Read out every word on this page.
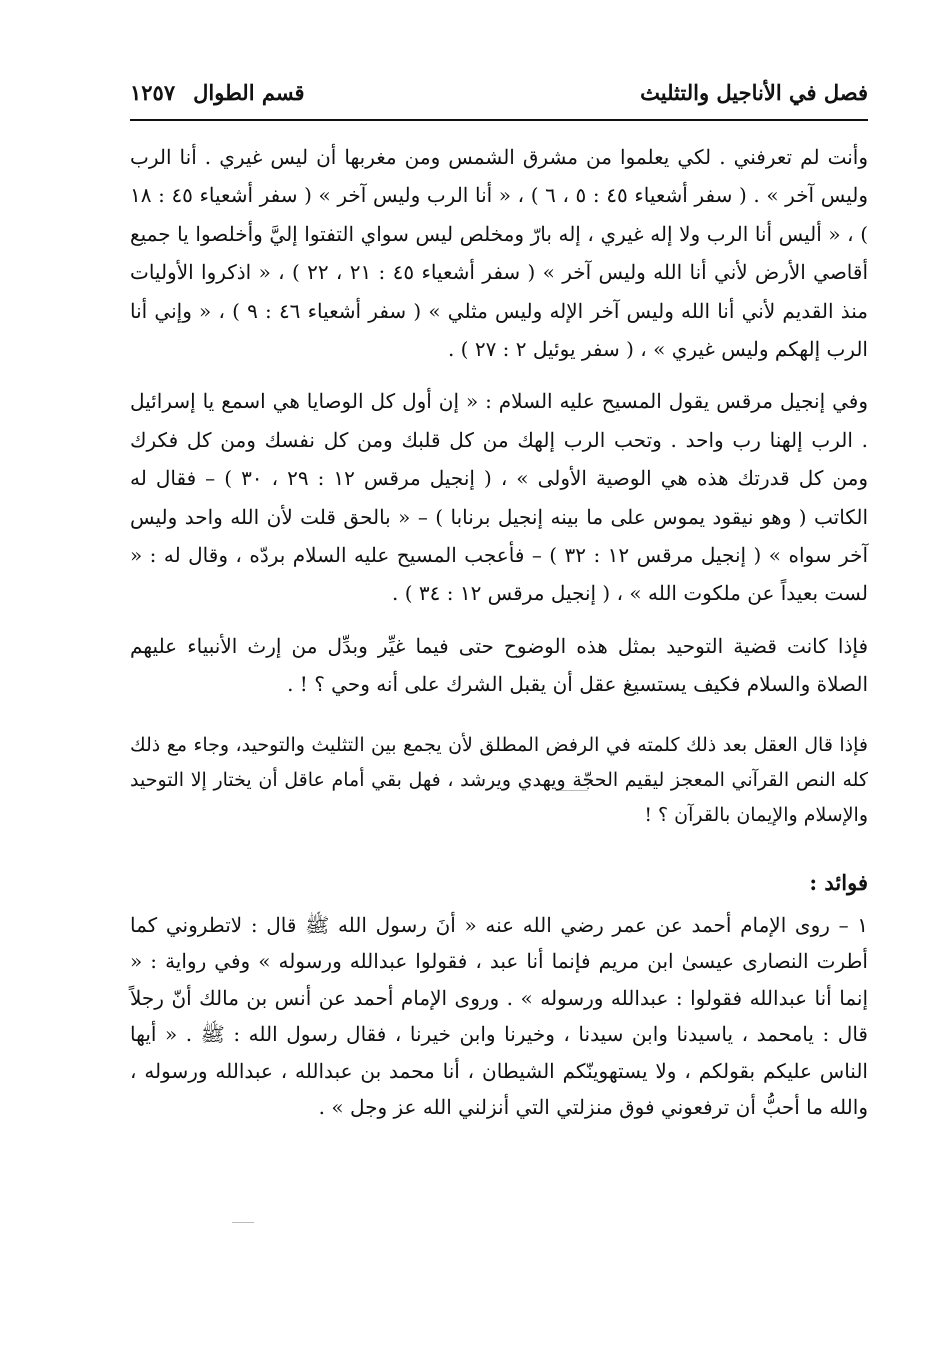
فصل في الأناجيل والتثليث
قسم الطوال١٢٥٧

وأنت لم تعرفني . لكي يعلموا من مشرق الشمس ومن مغربها أن ليس غيري . أنا الرب وليس آخر » . ( سفر أشعياء ٤٥ : ٥ ، ٦ ) ، « أنا الرب وليس آخر » ( سفر أشعياء ٤٥ : ١٨ ) ، « أليس أنا الرب ولا إله غيري ، إله بارّ ومخلص ليس سواي التفتوا إليَّ وأخلصوا يا جميع أقاصي الأرض لأني أنا الله وليس آخر » ( سفر أشعياء ٤٥ : ٢١ ، ٢٢ ) ، « اذكروا الأوليات منذ القديم لأني أنا الله وليس آخر الإله وليس مثلي » ( سفر أشعياء ٤٦ : ٩ ) ، « وإني أنا الرب إلهكم وليس غيري » ، ( سفر يوئيل ٢ : ٢٧ ) .

وفي إنجيل مرقس يقول المسيح عليه السلام : « إن أول كل الوصايا هي اسمع يا إسرائيل . الرب إلهنا رب واحد . وتحب الرب إلهك من كل قلبك ومن كل نفسك ومن كل فكرك ومن كل قدرتك هذه هي الوصية الأولى » ، ( إنجيل مرقس ١٢ : ٢٩ ، ٣٠ ) – فقال له الكاتب ( وهو نيقود يموس على ما بينه إنجيل برنابا ) – « بالحق قلت لأن الله واحد وليس آخر سواه » ( إنجيل مرقس ١٢ : ٣٢ ) – فأعجب المسيح عليه السلام بردّه ، وقال له : « لست بعيداً عن ملكوت الله » ، ( إنجيل مرقس ١٢ : ٣٤ ) .

فإذا كانت قضية التوحيد بمثل هذه الوضوح حتى فيما غيِّر وبدِّل من إرث الأنبياء عليهم الصلاة والسلام فكيف يستسيغ عقل أن يقبل الشرك على أنه وحي ؟ ! .

فإذا قال العقل بعد ذلك كلمته في الرفض المطلق لأن يجمع بين التثليث والتوحيد، وجاء مع ذلك كله النص القرآني المعجز ليقيم الحجّة ويهدي ويرشد ، فهل بقي أمام عاقل أن يختار إلا التوحيد والإسلام والإيمان بالقرآن ؟ !

فوائد :

١ – روى الإمام أحمد عن عمر رضي الله عنه « أنَ رسول الله ﷺ قال : لاتطروني كما أطرت النصارى عيسىٰ ابن مريم فإنما أنا عبد ، فقولوا عبدالله ورسوله » وفي رواية : « إنما أنا عبدالله فقولوا : عبدالله ورسوله » . وروى الإمام أحمد عن أنس بن مالك أنّ رجلاً قال : يامحمد ، ياسيدنا وابن سيدنا ، وخيرنا وابن خيرنا ، فقال رسول الله : ﷺ . « أيها الناس عليكم بقولكم ، ولا يستهوينّكم الشيطان ، أنا محمد بن عبدالله ، عبدالله ورسوله ، والله ما أحبُّ أن ترفعوني فوق منزلتي التي أنزلني الله عز وجل » .
